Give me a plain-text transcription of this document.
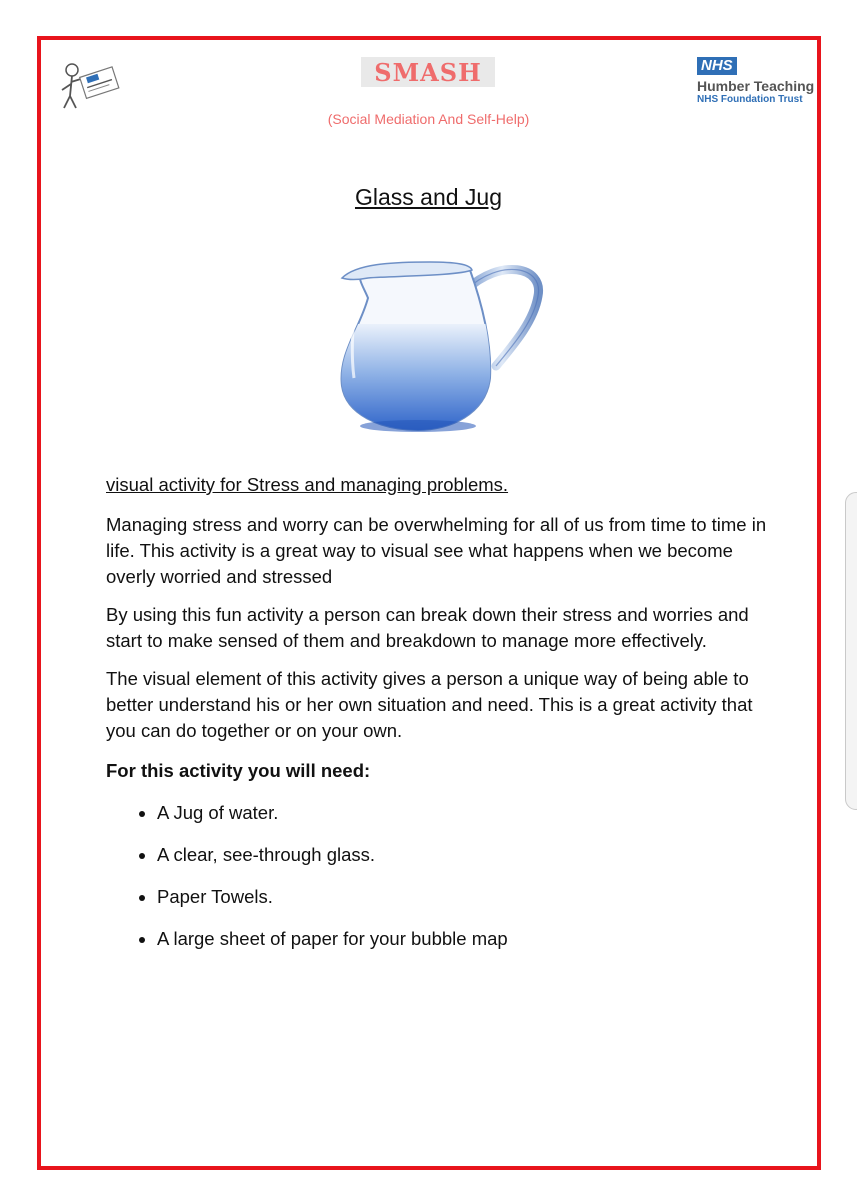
SMASH
(Social Mediation And Self-Help)
NHS
Humber Teaching
NHS Foundation Trust
Glass and Jug

visual activity for Stress and managing problems.

Managing stress and worry can be overwhelming for all of us from time to time in life. This activity is a great way to visual see what happens when we become overly worried and stressed

By using this fun activity a person can break down their stress and worries and start to make sensed of them and breakdown to manage more effectively.

The visual element of this activity gives a person a unique way of being able to better understand his or her own situation and need. This is a great activity that you can do together or on your own.

For this activity you will need:

• A Jug of water.
• A clear, see-through glass.
• Paper Towels.
• A large sheet of paper for your bubble map
